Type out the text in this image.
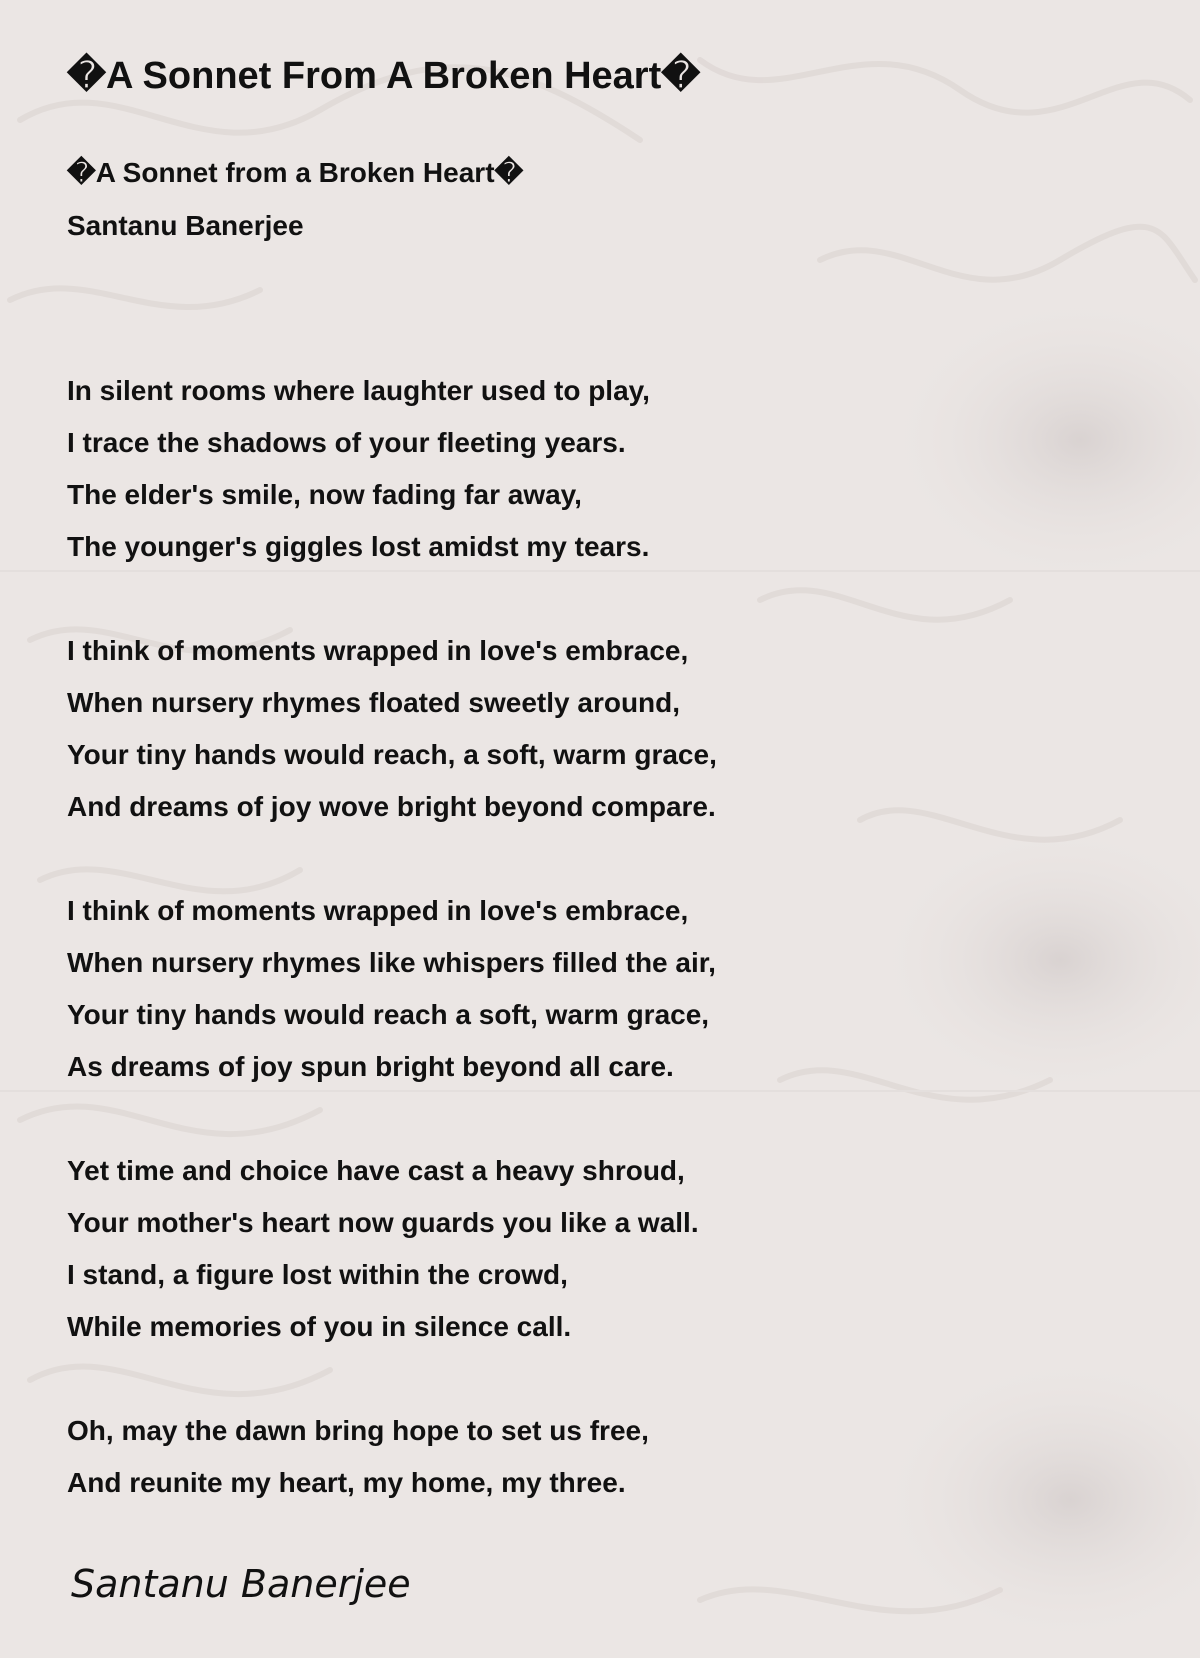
�A Sonnet From A Broken Heart�

�A Sonnet from a Broken Heart�

Santanu Banerjee

In silent rooms where laughter used to play,
I trace the shadows of your fleeting years.
The elder's smile, now fading far away,
The younger's giggles lost amidst my tears.

I think of moments wrapped in love's embrace,
When nursery rhymes floated sweetly around,
Your tiny hands would reach, a soft, warm grace,
And dreams of joy wove bright beyond compare.

I think of moments wrapped in love's embrace,
When nursery rhymes like whispers filled the air,
Your tiny hands would reach a soft, warm grace,
As dreams of joy spun bright beyond all care.

Yet time and choice have cast a heavy shroud,
Your mother's heart now guards you like a wall.
I stand, a figure lost within the crowd,
While memories of you in silence call.

Oh, may the dawn bring hope to set us free,
And reunite my heart, my home, my three.

Santanu Banerjee
